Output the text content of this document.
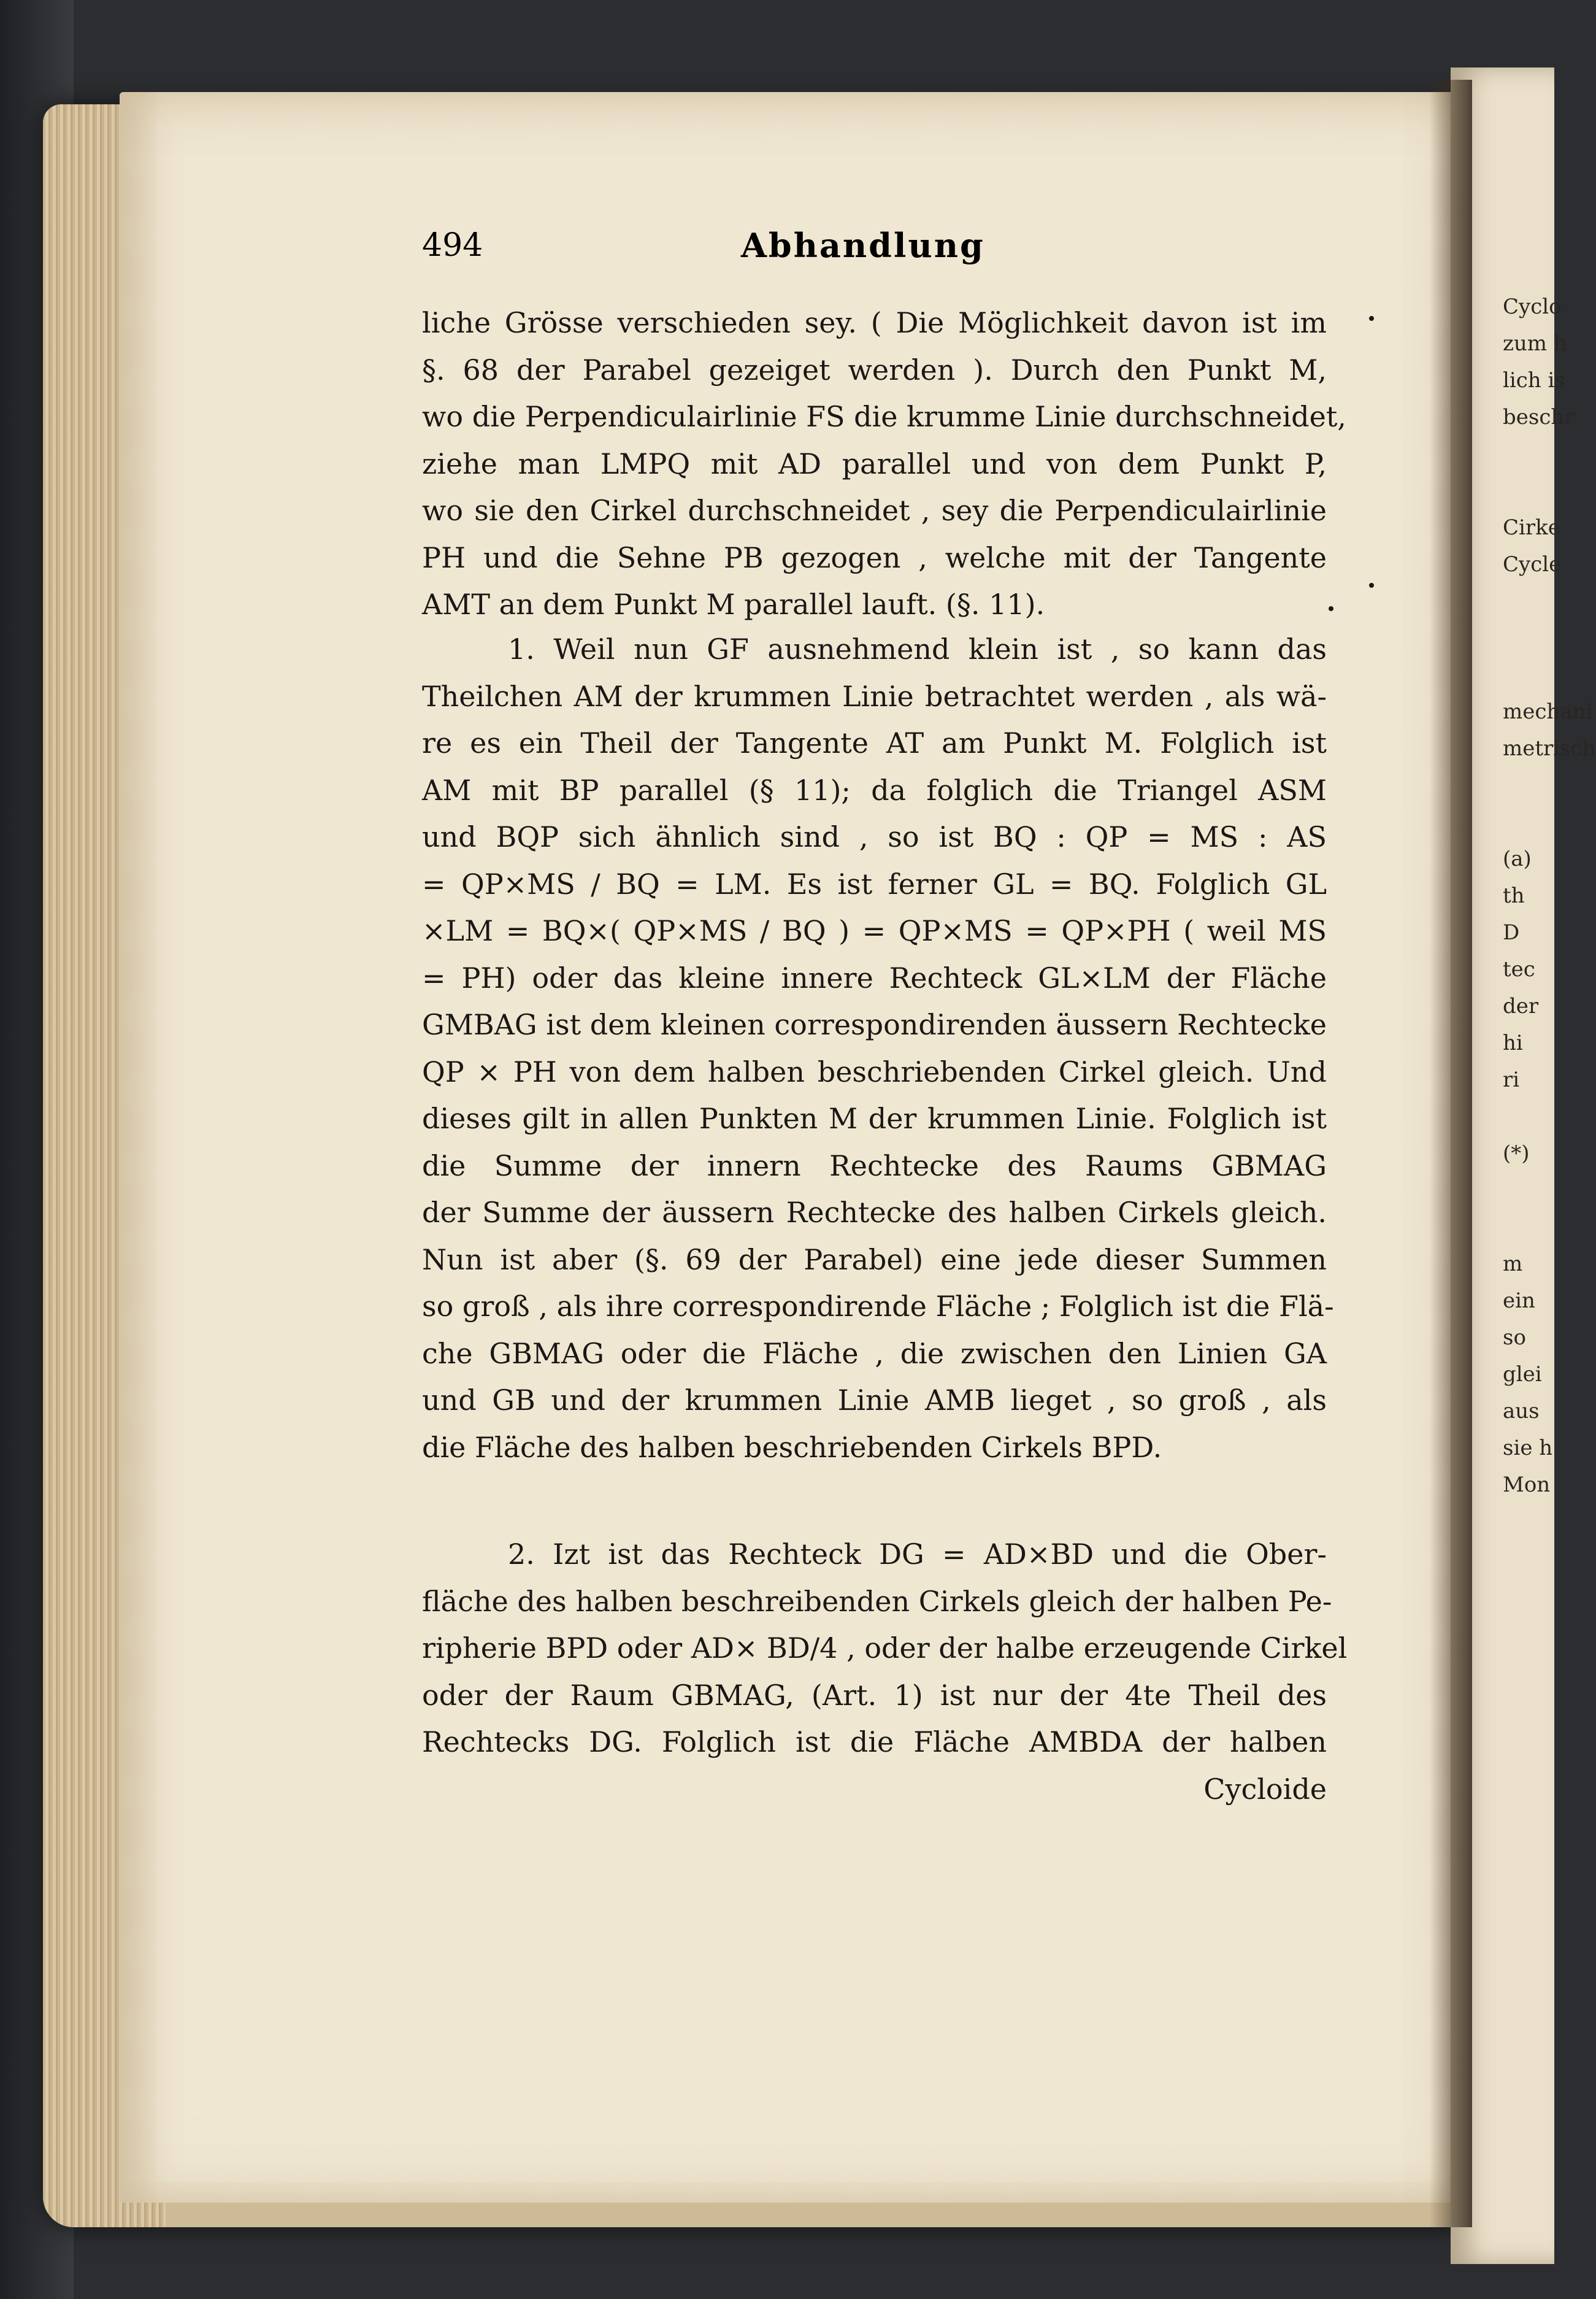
494	Abhandlung
liche Grösse verschieden sey. ( Die Möglichkeit davon ist im
§. 68 der Parabel gezeiget werden ). Durch den Punkt M,
wo die Perpendiculairlinie FS die krumme Linie durchschneidet,
ziehe man LMPQ mit AD parallel und von dem Punkt P,
wo sie den Cirkel durchschneidet , sey die Perpendiculairlinie
PH und die Sehne PB gezogen , welche mit der Tangente
AMT an dem Punkt M parallel lauft. (§. 11).
1. Weil nun GF ausnehmend klein ist , so kann das
Theilchen AM der krummen Linie betrachtet werden , als wä-
re es ein Theil der Tangente AT am Punkt M. Folglich ist
AM mit BP parallel (§ 11); da folglich die Triangel ASM
und BQP sich ähnlich sind , so ist BQ : QP = MS : AS
= QP×MS / BQ = LM. Es ist ferner GL = BQ. Folglich GL
×LM = BQ×( QP×MS / BQ ) = QP×MS = QP×PH ( weil MS
= PH) oder das kleine innere Rechteck GL×LM der Fläche
GMBAG ist dem kleinen correspondirenden äussern Rechtecke
QP × PH von dem halben beschriebenden Cirkel gleich. Und
dieses gilt in allen Punkten M der krummen Linie. Folglich ist
die Summe der innern Rechtecke des Raums GBMAG
der Summe der äussern Rechtecke des halben Cirkels gleich.
Nun ist aber (§. 69 der Parabel) eine jede dieser Summen
so groß , als ihre correspondirende Fläche ; Folglich ist die Flä-
che GBMAG oder die Fläche , die zwischen den Linien GA
und GB und der krummen Linie AMB lieget , so groß , als
die Fläche des halben beschriebenden Cirkels BPD.
2. Izt ist das Rechteck DG = AD×BD und die Ober-
fläche des halben beschreibenden Cirkels gleich der halben Pe-
ripherie BPD oder AD× BD/4 , oder der halbe erzeugende Cirkel
oder der Raum GBMAG, (Art. 1) ist nur der 4te Theil des
Rechtecks DG. Folglich ist die Fläche AMBDA der halben
Cycloide
Cyclo
zum h
lich is
beschr
Cirke
Cycle
mechani
metrisch
(a)
th
D
tec
der
hi
ri
(*)
m
ein
so
glei
aus
sie h
Mon
